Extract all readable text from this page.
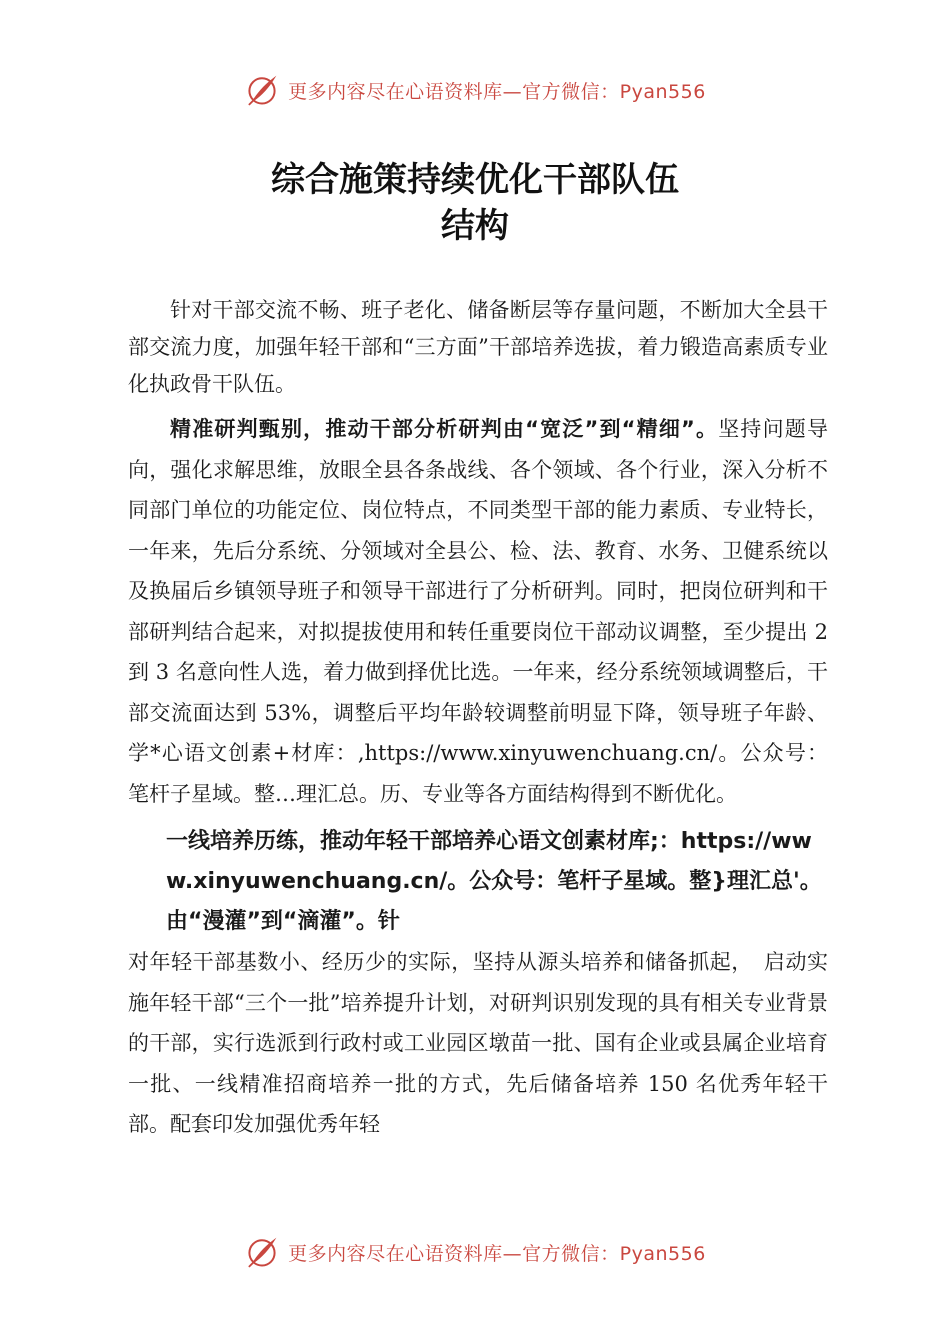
更多内容尽在心语资料库—官方微信：Pyan556
综合施策持续优化干部队伍
结构

针对干部交流不畅、班子老化、储备断层等存量问题，不断加大全县干部交流力度，加强年轻干部和“三方面”干部培养选拔，着力锻造高素质专业化执政骨干队伍。

精准研判甄别，推动干部分析研判由“宽泛”到“精细”。坚持问题导向，强化求解思维，放眼全县各条战线、各个领域、各个行业，深入分析不同部门单位的功能定位、岗位特点，不同类型干部的能力素质、专业特长，一年来，先后分系统、分领域对全县公、检、法、教育、水务、卫健系统以及换届后乡镇领导班子和领导干部进行了分析研判。同时，把岗位研判和干部研判结合起来，对拟提拔使用和转任重要岗位干部动议调整，至少提出 2 到 3 名意向性人选，着力做到择优比选。一年来，经分系统领域调整后，干部交流面达到 53%，调整后平均年龄较调整前明显下降，领导班子年龄、学*心语文创素+材库：,https://www.xinyuwenchuang.cn/。公众号：笔杆子星域。整…理汇总。历、专业等各方面结构得到不断优化。

一线培养历练，推动年轻干部培养心语文创素材库;：https://www.xinyuwenchuang.cn/。公众号：笔杆子星域。整}理汇总'。由“漫灌”到“滴灌”。针

对年轻干部基数小、经历少的实际，坚持从源头培养和储备抓起，　启动实施年轻干部“三个一批”培养提升计划，对研判识别发现的具有相关专业背景的干部，实行选派到行政村或工业园区墩苗一批、国有企业或县属企业培育一批、一线精准招商培养一批的方式，先后储备培养 150 名优秀年轻干部。配套印发加强优秀年轻

更多内容尽在心语资料库—官方微信：Pyan556
